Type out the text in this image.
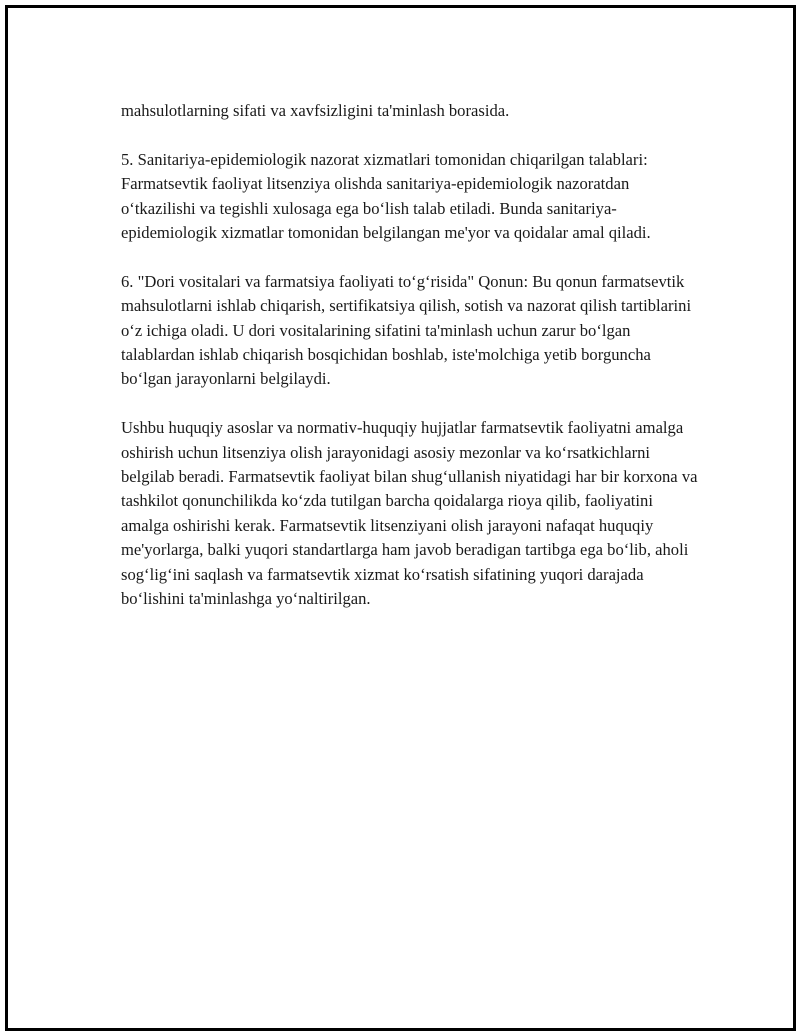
mahsulotlarning sifati va xavfsizligini ta'minlash borasida.

5. Sanitariya-epidemiologik nazorat xizmatlari tomonidan chiqarilgan talablari: Farmatsevtik faoliyat litsenziya olishda sanitariya-epidemiologik nazoratdan o‘tkazilishi va tegishli xulosaga ega bo‘lish talab etiladi. Bunda sanitariya-epidemiologik xizmatlar tomonidan belgilangan me'yor va qoidalar amal qiladi.

6. "Dori vositalari va farmatsiya faoliyati to‘g‘risida" Qonun: Bu qonun farmatsevtik mahsulotlarni ishlab chiqarish, sertifikatsiya qilish, sotish va nazorat qilish tartiblarini o‘z ichiga oladi. U dori vositalarining sifatini ta'minlash uchun zarur bo‘lgan talablardan ishlab chiqarish bosqichidan boshlab, iste'molchiga yetib borguncha bo‘lgan jarayonlarni belgilaydi.

Ushbu huquqiy asoslar va normativ-huquqiy hujjatlar farmatsevtik faoliyatni amalga oshirish uchun litsenziya olish jarayonidagi asosiy mezonlar va ko‘rsatkichlarni belgilab beradi. Farmatsevtik faoliyat bilan shug‘ullanish niyatidagi har bir korxona va tashkilot qonunchilikda ko‘zda tutilgan barcha qoidalarga rioya qilib, faoliyatini amalga oshirishi kerak. Farmatsevtik litsenziyani olish jarayoni nafaqat huquqiy me'yorlarga, balki yuqori standartlarga ham javob beradigan tartibga ega bo‘lib, aholi sog‘lig‘ini saqlash va farmatsevtik xizmat ko‘rsatish sifatining yuqori darajada bo‘lishini ta'minlashga yo‘naltirilgan.
